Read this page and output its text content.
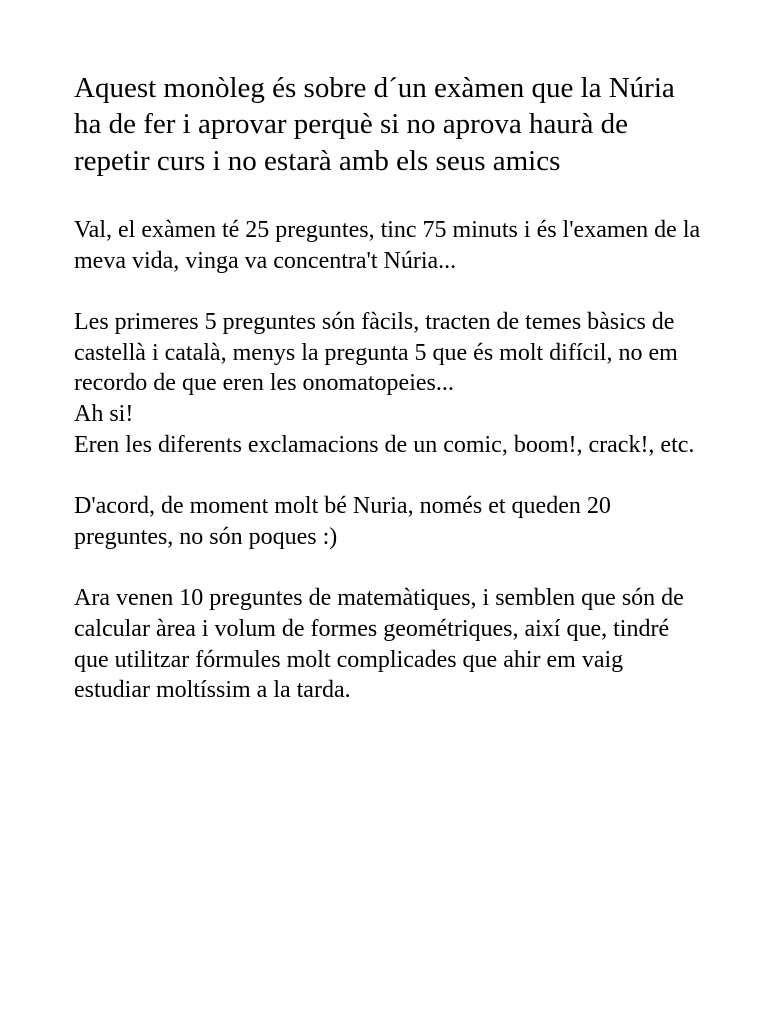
Aquest monòleg és sobre d´un exàmen que la Núria ha de fer i aprovar perquè si no aprova haurà de repetir curs i no estarà amb els seus amics

Val, el exàmen té 25 preguntes, tinc 75 minuts i és l'examen de la meva vida, vinga va concentra't Núria...

Les primeres 5 preguntes són fàcils, tracten de temes bàsics de castellà i català, menys la pregunta 5 que és molt difícil, no em recordo de que eren les onomatopeies...
Ah si!
Eren les diferents exclamacions de un comic, boom!, crack!, etc.

D'acord, de moment molt bé Nuria, només et queden 20 preguntes, no són poques :)

Ara venen 10 preguntes de matemàtiques, i semblen que són de calcular àrea i volum de formes geométriques, així que, tindré que utilitzar fórmules molt complicades que ahir em vaig estudiar moltíssim a la tarda.
